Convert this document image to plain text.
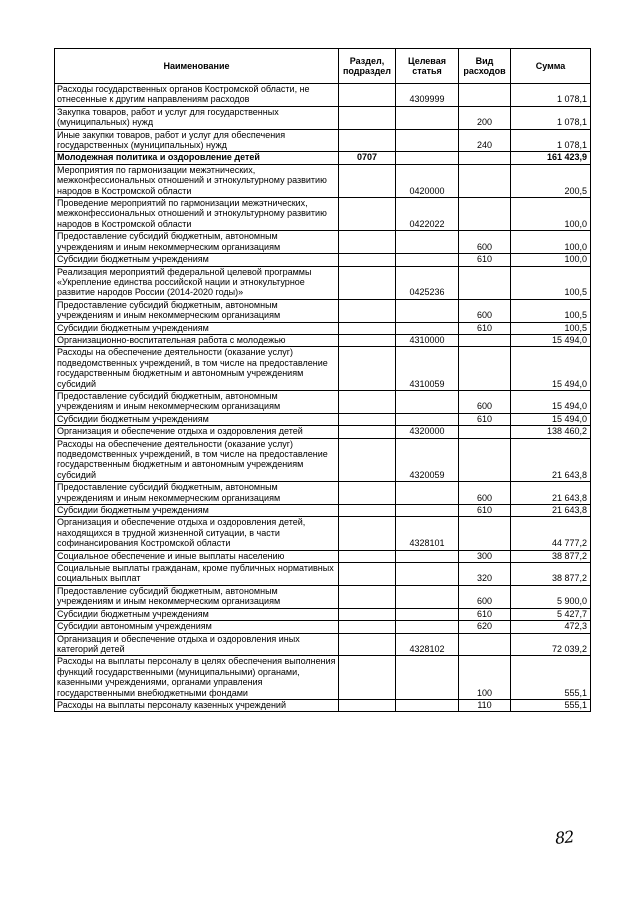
Наименование	Раздел, подраздел	Целевая статья	Вид расходов	Сумма
Расходы государственных органов Костромской области, не отнесенные к другим направлениям расходов		4309999		1 078,1
Закупка товаров, работ и услуг для государственных (муниципальных) нужд			200	1 078,1
Иные закупки товаров, работ и услуг для обеспечения государственных (муниципальных) нужд			240	1 078,1
Молодежная политика и оздоровление детей	0707			161 423,9
Мероприятия по гармонизации межэтнических, межконфессиональных отношений и этнокультурному развитию народов в Костромской области		0420000		200,5
Проведение мероприятий по гармонизации межэтнических, межконфессиональных отношений и этнокультурному развитию народов в Костромской области		0422022		100,0
Предоставление субсидий бюджетным, автономным учреждениям и иным некоммерческим организациям			600	100,0
Субсидии бюджетным учреждениям			610	100,0
Реализация мероприятий федеральной целевой программы «Укрепление единства российской нации и этнокультурное развитие народов России (2014-2020 годы)»		0425236		100,5
Предоставление субсидий бюджетным, автономным учреждениям и иным некоммерческим организациям			600	100,5
Субсидии бюджетным учреждениям			610	100,5
Организационно-воспитательная работа с молодежью		4310000		15 494,0
Расходы на обеспечение деятельности (оказание услуг) подведомственных учреждений, в том числе на предоставление государственным бюджетным и автономным учреждениям субсидий		4310059		15 494,0
Предоставление субсидий бюджетным, автономным учреждениям и иным некоммерческим организациям			600	15 494,0
Субсидии бюджетным учреждениям			610	15 494,0
Организация и обеспечение отдыха и оздоровления детей		4320000		138 460,2
Расходы на обеспечение деятельности (оказание услуг) подведомственных учреждений, в том числе на предоставление государственным бюджетным и автономным учреждениям субсидий		4320059		21 643,8
Предоставление субсидий бюджетным, автономным учреждениям и иным некоммерческим организациям			600	21 643,8
Субсидии бюджетным учреждениям			610	21 643,8
Организация и обеспечение отдыха и оздоровления детей, находящихся в трудной жизненной ситуации, в части софинансирования Костромской области		4328101		44 777,2
Социальное обеспечение и иные выплаты населению			300	38 877,2
Социальные выплаты гражданам, кроме публичных нормативных социальных выплат			320	38 877,2
Предоставление субсидий бюджетным, автономным учреждениям и иным некоммерческим организациям			600	5 900,0
Субсидии бюджетным учреждениям			610	5 427,7
Субсидии автономным учреждениям			620	472,3
Организация и обеспечение отдыха и оздоровления иных категорий детей		4328102		72 039,2
Расходы на выплаты персоналу в целях обеспечения выполнения функций государственными (муниципальными) органами, казенными учреждениями, органами управления государственными внебюджетными фондами			100	555,1
Расходы на выплаты персоналу казенных учреждений			110	555,1
82
